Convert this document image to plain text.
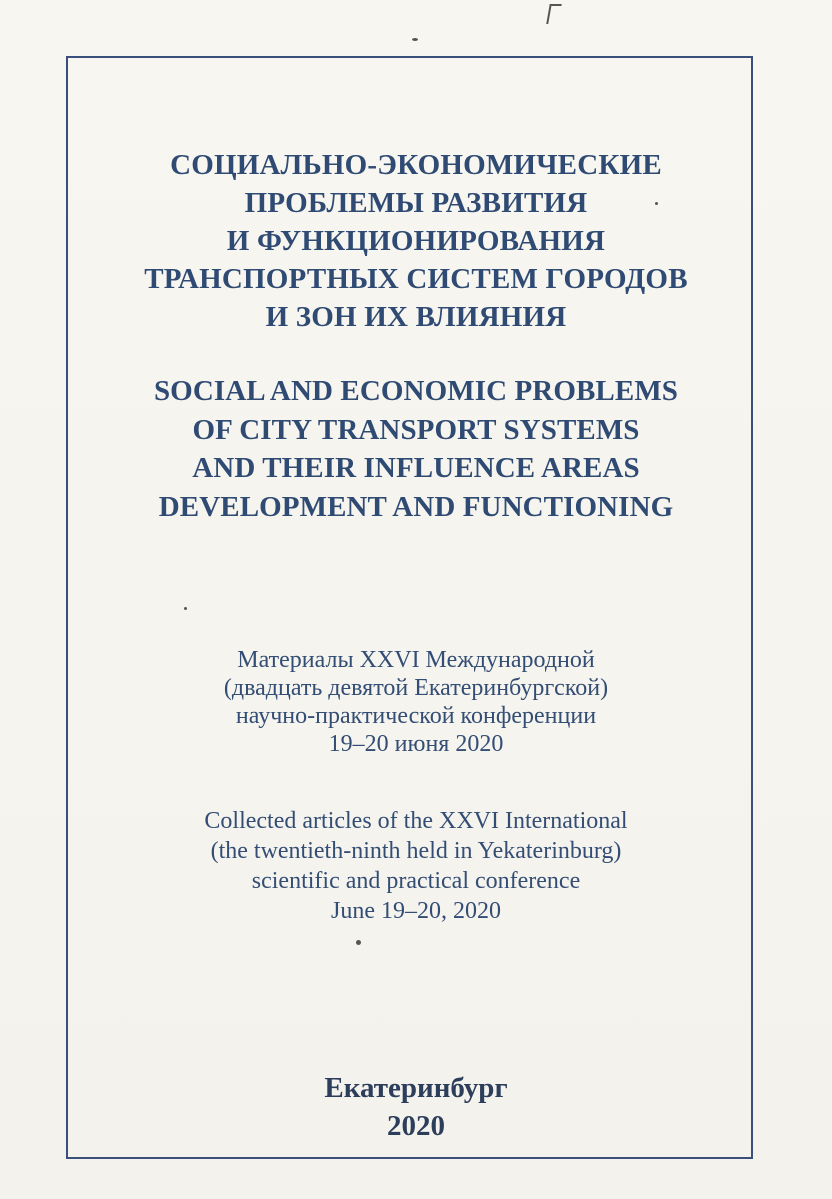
СОЦИАЛЬНО-ЭКОНОМИЧЕСКИЕ
ПРОБЛЕМЫ РАЗВИТИЯ
И ФУНКЦИОНИРОВАНИЯ
ТРАНСПОРТНЫХ СИСТЕМ ГОРОДОВ
И ЗОН ИХ ВЛИЯНИЯ
SOCIAL AND ECONOMIC PROBLEMS
OF CITY TRANSPORT SYSTEMS
AND THEIR INFLUENCE AREAS
DEVELOPMENT AND FUNCTIONING
Материалы XXVI Международной
(двадцать девятой Екатеринбургской)
научно-практической конференции
19–20 июня 2020
Collected articles of the XXVI International
(the twentieth-ninth held in Yekaterinburg)
scientific and practical conference
June 19–20, 2020
Екатеринбург
2020
